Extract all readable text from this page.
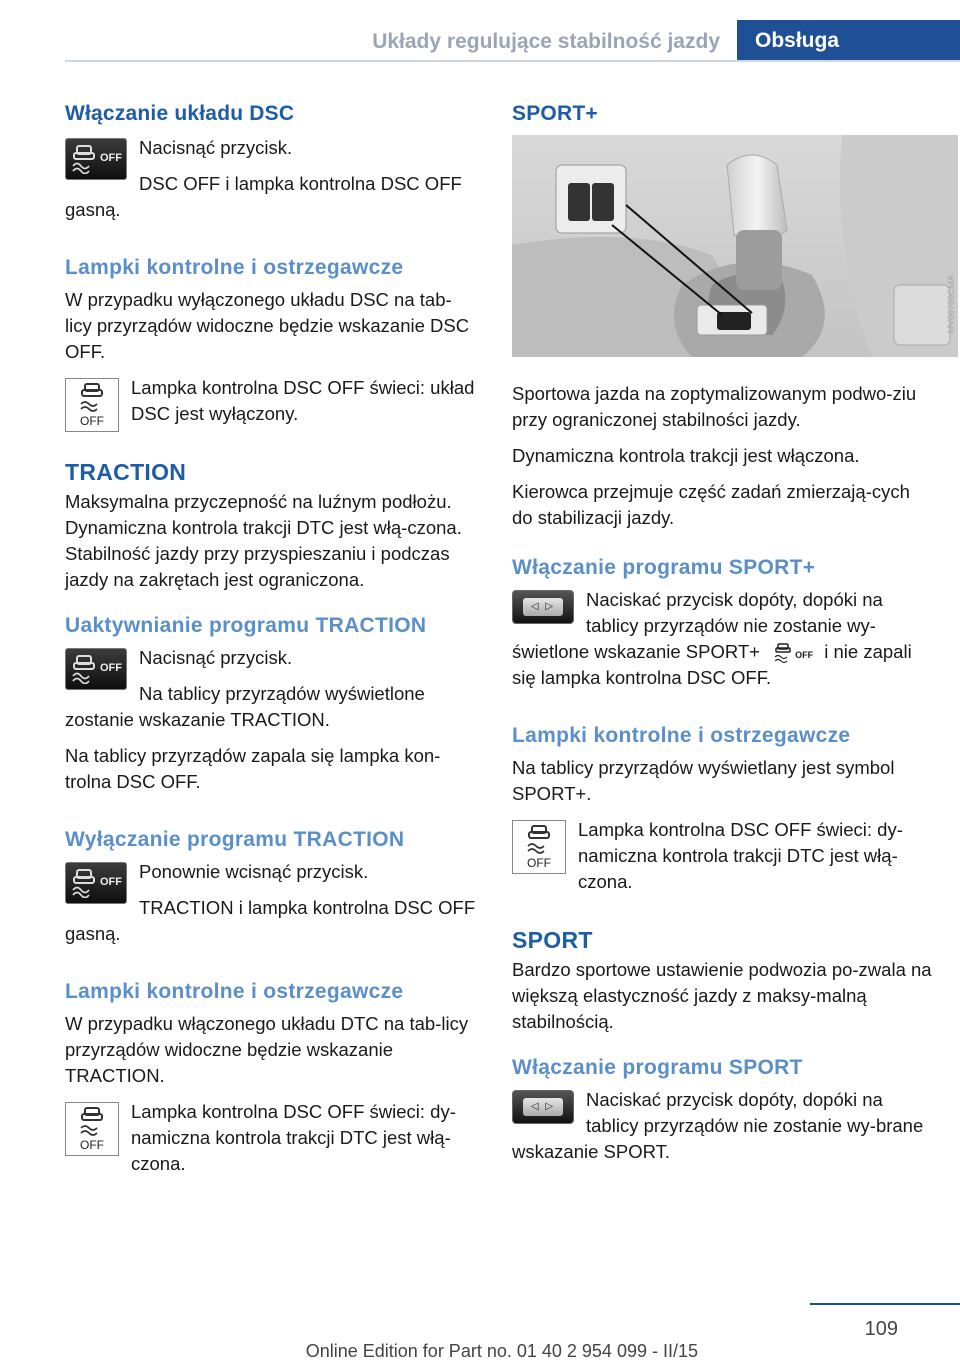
Układy regulujące stabilność jazdy Obsługa
Włączanie układu DSC
OFF Nacisnąć przycisk.

DSC OFF i lampka kontrolna DSC OFF gasną.

Lampki kontrolne i ostrzegawcze

W przypadku wyłączonego układu DSC na tab-licy przyrządów widoczne będzie wskazanie DSC OFF.

OFF

Lampka kontrolna DSC OFF świeci: układ DSC jest wyłączony.

TRACTION

Maksymalna przyczepność na luźnym podłożu. Dynamiczna kontrola trakcji DTC jest włą-czona. Stabilność jazdy przy przyspieszaniu i podczas jazdy na zakrętach jest ograniczona.

Uaktywnianie programu TRACTION
OFF Nacisnąć przycisk.

Na tablicy przyrządów wyświetlone zostanie wskazanie TRACTION.

Na tablicy przyrządów zapala się lampka kon-trolna DSC OFF.

Wyłączanie programu TRACTION
OFF Ponownie wcisnąć przycisk.

TRACTION i lampka kontrolna DSC OFF gasną.

Lampki kontrolne i ostrzegawcze

W przypadku włączonego układu DTC na tab-licy przyrządów widoczne będzie wskazanie TRACTION.

OFF

Lampka kontrolna DSC OFF świeci: dy-namiczna kontrola trakcji DTC jest włą-czona.

SPORT+
MV09780CMA

Sportowa jazda na zoptymalizowanym podwo-ziu przy ograniczonej stabilności jazdy.

Dynamiczna kontrola trakcji jest włączona.

Kierowca przejmuje część zadań zmierzają-cych do stabilizacji jazdy.

Włączanie programu SPORT+
◁ ▷	Naciskać przycisk dopóty, dopóki na tablicy przyrządów nie zostanie wy-świetlone wskazanie SPORT+	OFF i nie zapali się lampka kontrolna DSC OFF.

Lampki kontrolne i ostrzegawcze

Na tablicy przyrządów wyświetlany jest symbol SPORT+.

OFF

Lampka kontrolna DSC OFF świeci: dy-namiczna kontrola trakcji DTC jest włą-czona.

SPORT

Bardzo sportowe ustawienie podwozia po-zwala na większą elastyczność jazdy z maksy-malną stabilnością.

Włączanie programu SPORT
◁ ▷	Naciskać przycisk dopóty, dopóki na tablicy przyrządów nie zostanie wy-brane wskazanie SPORT.

109
Online Edition for Part no. 01 40 2 954 099 - II/15
